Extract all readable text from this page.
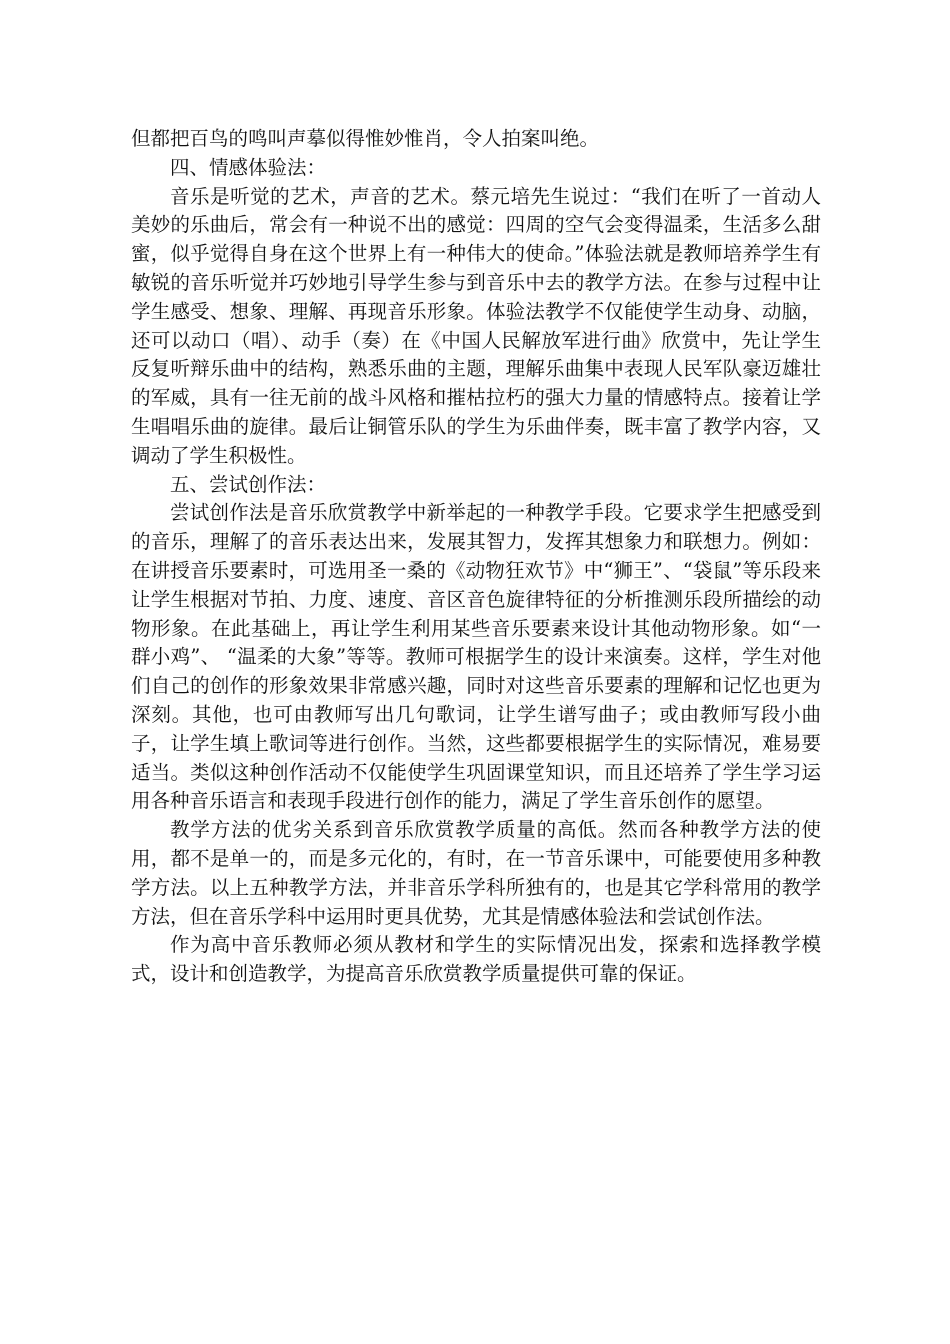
但都把百鸟的鸣叫声摹似得惟妙惟肖，令人拍案叫绝。

四、情感体验法：

音乐是听觉的艺术，声音的艺术。蔡元培先生说过：“我们在听了一首动人美妙的乐曲后，常会有一种说不出的感觉：四周的空气会变得温柔，生活多么甜蜜，似乎觉得自身在这个世界上有一种伟大的使命。”体验法就是教师培养学生有敏锐的音乐听觉并巧妙地引导学生参与到音乐中去的教学方法。在参与过程中让学生感受、想象、理解、再现音乐形象。体验法教学不仅能使学生动身、动脑，还可以动口（唱）、动手（奏）在《中国人民解放军进行曲》欣赏中，先让学生反复听辩乐曲中的结构，熟悉乐曲的主题，理解乐曲集中表现人民军队豪迈雄壮的军威，具有一往无前的战斗风格和摧枯拉朽的强大力量的情感特点。接着让学生唱唱乐曲的旋律。最后让铜管乐队的学生为乐曲伴奏，既丰富了教学内容，又调动了学生积极性。

五、尝试创作法：

尝试创作法是音乐欣赏教学中新举起的一种教学手段。它要求学生把感受到的音乐，理解了的音乐表达出来，发展其智力，发挥其想象力和联想力。例如：在讲授音乐要素时，可选用圣一桑的《动物狂欢节》中“狮王”、“袋鼠”等乐段来让学生根据对节拍、力度、速度、音区音色旋律特征的分析推测乐段所描绘的动物形象。在此基础上，再让学生利用某些音乐要素来设计其他动物形象。如“一群小鸡”、 “温柔的大象”等等。教师可根据学生的设计来演奏。这样，学生对他们自己的创作的形象效果非常感兴趣，同时对这些音乐要素的理解和记忆也更为深刻。其他，也可由教师写出几句歌词，让学生谱写曲子；或由教师写段小曲子，让学生填上歌词等进行创作。当然，这些都要根据学生的实际情况，难易要适当。类似这种创作活动不仅能使学生巩固课堂知识，而且还培养了学生学习运用各种音乐语言和表现手段进行创作的能力，满足了学生音乐创作的愿望。

教学方法的优劣关系到音乐欣赏教学质量的高低。然而各种教学方法的使用，都不是单一的，而是多元化的，有时，在一节音乐课中，可能要使用多种教学方法。以上五种教学方法，并非音乐学科所独有的，也是其它学科常用的教学方法，但在音乐学科中运用时更具优势，尤其是情感体验法和尝试创作法。

作为高中音乐教师必须从教材和学生的实际情况出发，探索和选择教学模式，设计和创造教学，为提高音乐欣赏教学质量提供可靠的保证。
